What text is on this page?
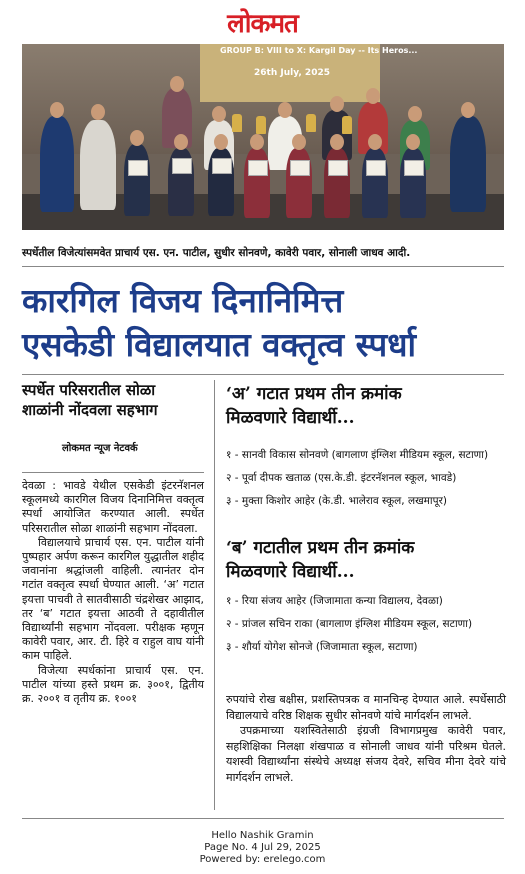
लोकमत
GROUP B: VIII to X: Kargil Day -- Its Heros...
26th July, 2025
स्पर्धेतील विजेत्यांसमवेत प्राचार्य एस. एन. पाटील, सुधीर सोनवणे, कावेरी पवार, सोनाली जाधव आदी.
कारगिल विजय दिनानिमित्त
एसकेडी विद्यालयात वक्तृत्व स्पर्धा
स्पर्धेत परिसरातील सोळा
शाळांनी नोंदवला सहभाग
लोकमत न्यूज नेटवर्क

देवळा : भावडे येथील एसकेडी इंटरनॅशनल स्कूलमध्ये कारगिल विजय दिनानिमित्त वक्तृत्व स्पर्धा आयोजित करण्यात आली. स्पर्धेत परिसरातील सोळा शाळांनी सहभाग नोंदवला.

विद्यालयाचे प्राचार्य एस. एन. पाटील यांनी पुष्पहार अर्पण करून कारगिल युद्धातील शहीद जवानांना श्रद्धांजली वाहिली. त्यानंतर दोन गटांत वक्तृत्व स्पर्धा घेण्यात आली. ‘अ’ गटात इयत्ता पाचवी ते सातवीसाठी चंद्रशेखर आझाद, तर ‘ब’ गटात इयत्ता आठवी ते दहावीतील विद्यार्थ्यांनी सहभाग नोंदवला. परीक्षक म्हणून कावेरी पवार, आर. टी. हिरे व राहुल वाघ यांनी काम पाहिले.

विजेत्या स्पर्धकांना प्राचार्य एस. एन. पाटील यांच्या हस्ते प्रथम क्र. ३००१, द्वितीय क्र. २००१ व तृतीय क्र. १००१

‘अ’ गटात प्रथम तीन क्रमांक
मिळवणारे विद्यार्थी...
१ - सानवी विकास सोनवणे (बागलाण इंग्लिश मीडियम स्कूल, सटाणा)
२ - पूर्वा दीपक खताळ (एस.के.डी. इंटरनॅशनल स्कूल, भावडे)
३ - मुक्ता किशोर आहेर (के.डी. भालेराव स्कूल, लखमापूर)
‘ब’ गटातील प्रथम तीन क्रमांक
मिळवणारे विद्यार्थी...
१ - रिया संजय आहेर (जिजामाता कन्या विद्यालय, देवळा)
२ - प्रांजल सचिन राका (बागलाण इंग्लिश मीडियम स्कूल, सटाणा)
३ - शौर्या योगेश सोनजे (जिजामाता स्कूल, सटाणा)

रुपयांचे रोख बक्षीस, प्रशस्तिपत्रक व मानचिन्ह देण्यात आले. स्पर्धेसाठी विद्यालयाचे वरिष्ठ शिक्षक सुधीर सोनवणे यांचे मार्गदर्शन लाभले.

उपक्रमाच्या यशस्वितेसाठी इंग्रजी विभागप्रमुख कावेरी पवार, सहशिक्षिका निलक्षा शंखपाळ व सोनाली जाधव यांनी परिश्रम घेतले. यशस्वी विद्यार्थ्यांना संस्थेचे अध्यक्ष संजय देवरे, सचिव मीना देवरे यांचे मार्गदर्शन लाभले.

Hello Nashik Gramin
Page No. 4 Jul 29, 2025
Powered by: erelego.com
